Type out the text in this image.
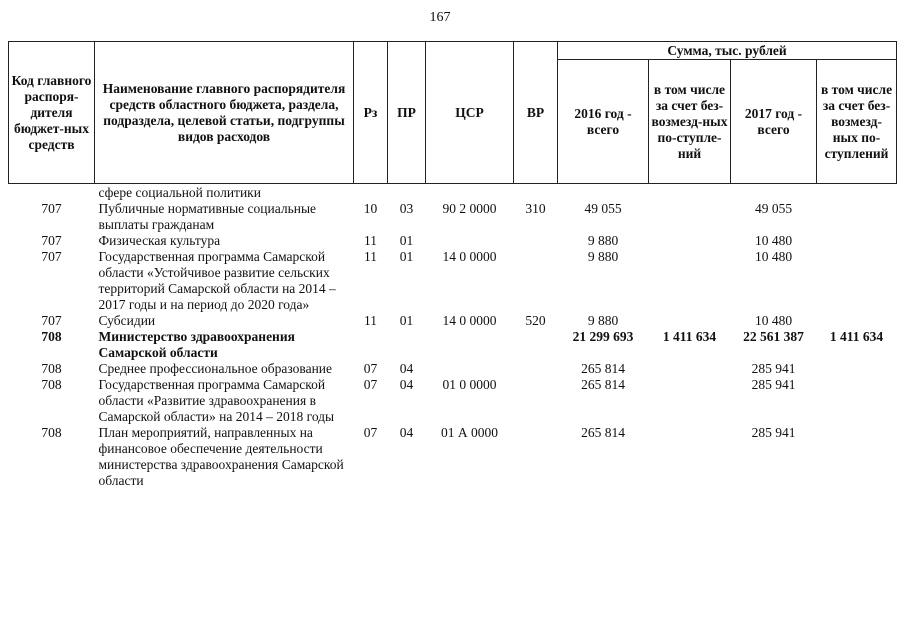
167
Код главного распоря-дителя бюджет-ных средств	Наименование главного распорядителя средств областного бюджета, раздела, подраздела, целевой статьи, подгруппы видов расходов	Рз	ПР	ЦСР	ВР	Сумма, тыс. рублей			
						2016 год - всего	в том числе за счет без-возмезд-ных по-ступле-ний	2017 год - всего	в том числе за счет без-возмезд-ных по-ступлений
	сфере социальной политики								
707	Публичные нормативные социальные выплаты гражданам	10	03	90 2 0000	310	49 055		49 055	
707	Физическая культура	11	01			9 880		10 480	
707	Государственная программа Самарской области «Устойчивое развитие сельских территорий Самарской области на 2014 – 2017 годы и на период до 2020 года»	11	01	14 0 0000		9 880		10 480	
707	Субсидии	11	01	14 0 0000	520	9 880		10 480	
708	Министерство здравоохранения Самарской области					21 299 693	1 411 634	22 561 387	1 411 634
708	Среднее профессиональное образование	07	04			265 814		285 941	
708	Государственная программа Самарской области «Развитие здравоохранения в Самарской области» на 2014 – 2018 годы	07	04	01 0 0000		265 814		285 941	
708	План мероприятий, направленных на финансовое обеспечение деятельности министерства здравоохранения Самарской области	07	04	01 А 0000		265 814		285 941	
